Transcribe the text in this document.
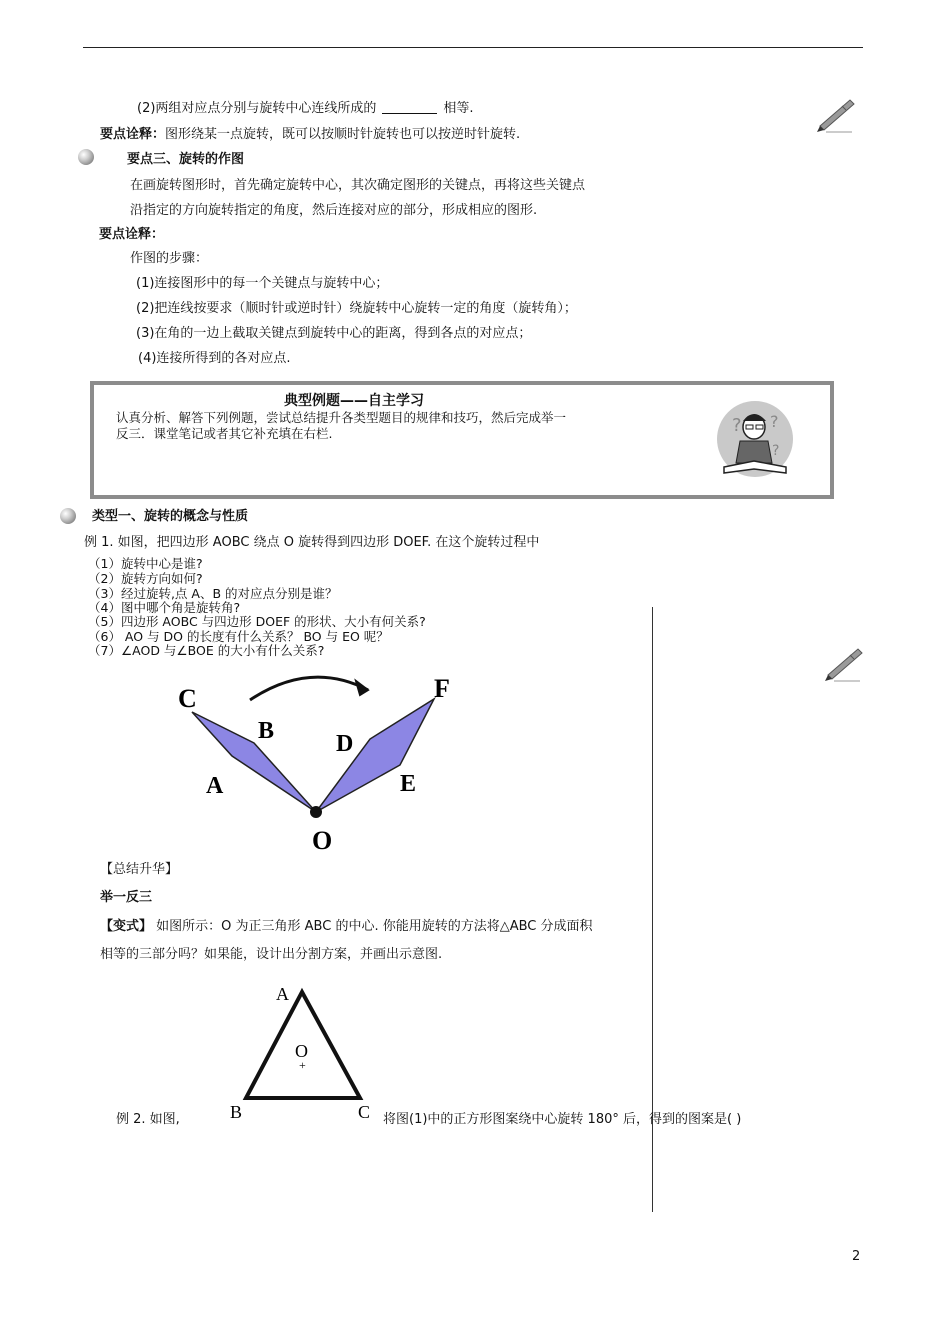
(2)两组对应点分别与旋转中心连线所成的	相等.
要点诠释：图形绕某一点旋转，既可以按顺时针旋转也可以按逆时针旋转.
要点三、旋转的作图
在画旋转图形时，首先确定旋转中心，其次确定图形的关键点，再将这些关键点
沿指定的方向旋转指定的角度，然后连接对应的部分，形成相应的图形.
要点诠释：
作图的步骤：
(1)连接图形中的每一个关键点与旋转中心；
(2)把连线按要求（顺时针或逆时针）绕旋转中心旋转一定的角度（旋转角）；
(3)在角的一边上截取关键点到旋转中心的距离，得到各点的对应点；
(4)连接所得到的各对应点.
典型例题——自主学习
认真分析、解答下列例题，尝试总结提升各类型题目的规律和技巧，然后完成举一
反三．课堂笔记或者其它补充填在右栏.	? ?
?
类型一、旋转的概念与性质
例 1. 如图，把四边形 AOBC 绕点 O 旋转得到四边形 DOEF. 在这个旋转过程中
（1）旋转中心是谁?
（2）旋转方向如何?
（3）经过旋转,点 A、B 的对应点分别是谁？
（4）图中哪个角是旋转角?
（5）四边形 AOBC 与四边形 DOEF 的形状、大小有何关系?
（6） AO 与 DO 的长度有什么关系？ BO 与 EO 呢？
（7）∠AOD 与∠BOE 的大小有什么关系?
C
B
A
D
F
E
O
【总结升华】
举一反三
【变式】 如图所示：O 为正三角形 ABC 的中心. 你能用旋转的方法将△ABC 分成面积
相等的三部分吗？如果能，设计出分割方案，并画出示意图.
A
O
+
B	C
例 2. 如图,	将图(1)中的正方形图案绕中心旋转 180° 后，得到的图案是( )
2
